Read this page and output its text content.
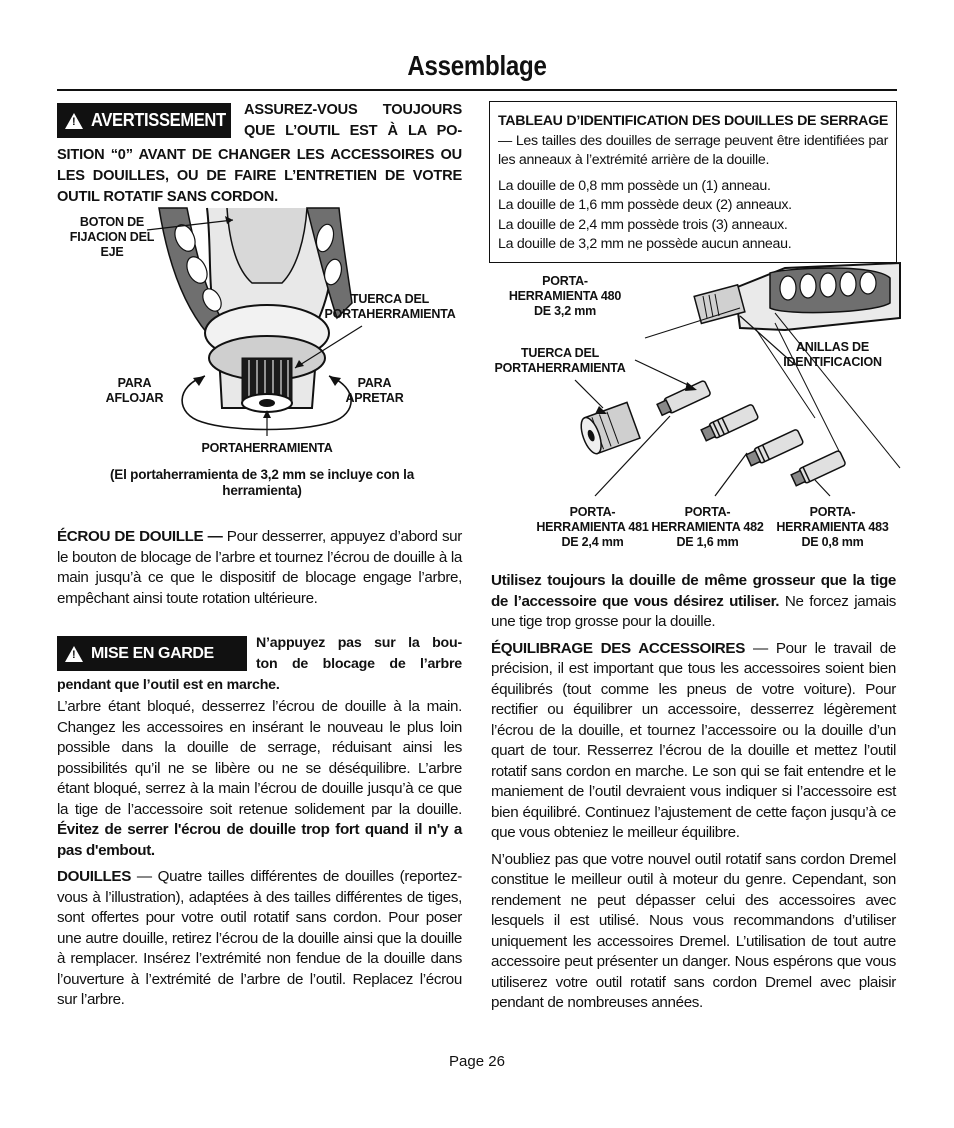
Assemblage
! AVERTISSEMENT ASSUREZ-VOUS TOUJOURS
QUE L’OUTIL EST À LA PO-
SITION “0” AVANT DE CHANGER LES ACCESSOIRES OU LES DOUILLES, OU DE FAIRE L’ENTRETIEN DE VOTRE OUTIL ROTATIF SANS CORDON.
BOTON DE FIJACION DEL EJE
TUERCA DEL PORTAHERRAMIENTA
PARA AFLOJAR
PARA APRETAR
PORTAHERRAMIENTA
(El portaherramienta de 3,2 mm se incluye con la herramienta)

ÉCROU DE DOUILLE — Pour desserrer, appuyez d’abord sur le bouton de blocage de l’arbre et tournez l’écrou de douille à la main jusqu’à ce que le dispositif de blocage engage l’arbre, empêchant ainsi toute rotation ultérieure.

! MISE EN GARDE
N’appuyez pas sur la bou-
ton de blocage de l’arbre
pendant que l’outil est en marche.

L’arbre étant bloqué, desserrez l’écrou de douille à la main. Changez les accessoires en insérant le nouveau le plus loin possible dans la douille de serrage, réduisant ainsi les possibilités qu’il ne se libère ou ne se déséquilibre. L’arbre étant bloqué, serrez à la main l’écrou de douille jusqu’à ce que la tige de l’accessoire soit retenue solidement par la douille. Évitez de serrer l'écrou de douille trop fort quand il n'y a pas d'embout.

DOUILLES — Quatre tailles différentes de douilles (reportez-vous à l’illustration), adaptées à des tailles différentes de tiges, sont offertes pour votre outil rotatif sans cordon. Pour poser une autre douille, retirez l’écrou de la douille ainsi que la douille à remplacer. Insérez l’extrémité non fendue de la douille dans l’ouverture à l’extrémité de l’arbre de l’outil. Replacez l’écrou sur l’arbre.

TABLEAU D’IDENTIFICATION DES DOUILLES DE SERRAGE — Les tailles des douilles de serrage peuvent être identifiées par les anneaux à l’extrémité arrière de la douille.
La douille de 0,8 mm possède un (1) anneau.
La douille de 1,6 mm possède deux (2) anneaux.
La douille de 2,4 mm possède trois (3) anneaux.
La douille de 3,2 mm ne possède aucun anneau.
PORTA- HERRAMIENTA 480 DE 3,2 mm
TUERCA DEL PORTAHERRAMIENTA
ANILLAS DE IDENTIFICACION
PORTA- HERRAMIENTA 481 DE 2,4 mm
PORTA- HERRAMIENTA 482 DE 1,6 mm
PORTA- HERRAMIENTA 483 DE 0,8 mm

Utilisez toujours la douille de même grosseur que la tige de l’accessoire que vous désirez utiliser. Ne forcez jamais une tige trop grosse pour la douille.

ÉQUILIBRAGE DES ACCESSOIRES — Pour le travail de précision, il est important que tous les accessoires soient bien équilibrés (tout comme les pneus de votre voiture). Pour rectifier ou équilibrer un accessoire, desserrez légèrement l’écrou de la douille, et tournez l’accessoire ou la douille d’un quart de tour. Resserrez l’écrou de la douille et mettez l’outil rotatif sans cordon en marche. Le son qui se fait entendre et le maniement de l’outil devraient vous indiquer si l’accessoire est bien équilibré. Continuez l’ajustement de cette façon jusqu’à ce que vous obteniez le meilleur équilibre.

N’oubliez pas que votre nouvel outil rotatif sans cordon Dremel constitue le meilleur outil à moteur du genre. Cependant, son rendement ne peut dépasser celui des accessoires avec lesquels il est utilisé. Nous vous recommandons d’utiliser uniquement les accessoires Dremel. L’utilisation de tout autre accessoire peut présenter un danger. Nous espérons que vous utiliserez votre outil rotatif sans cordon Dremel avec plaisir pendant de nombreuses années.

Page 26
